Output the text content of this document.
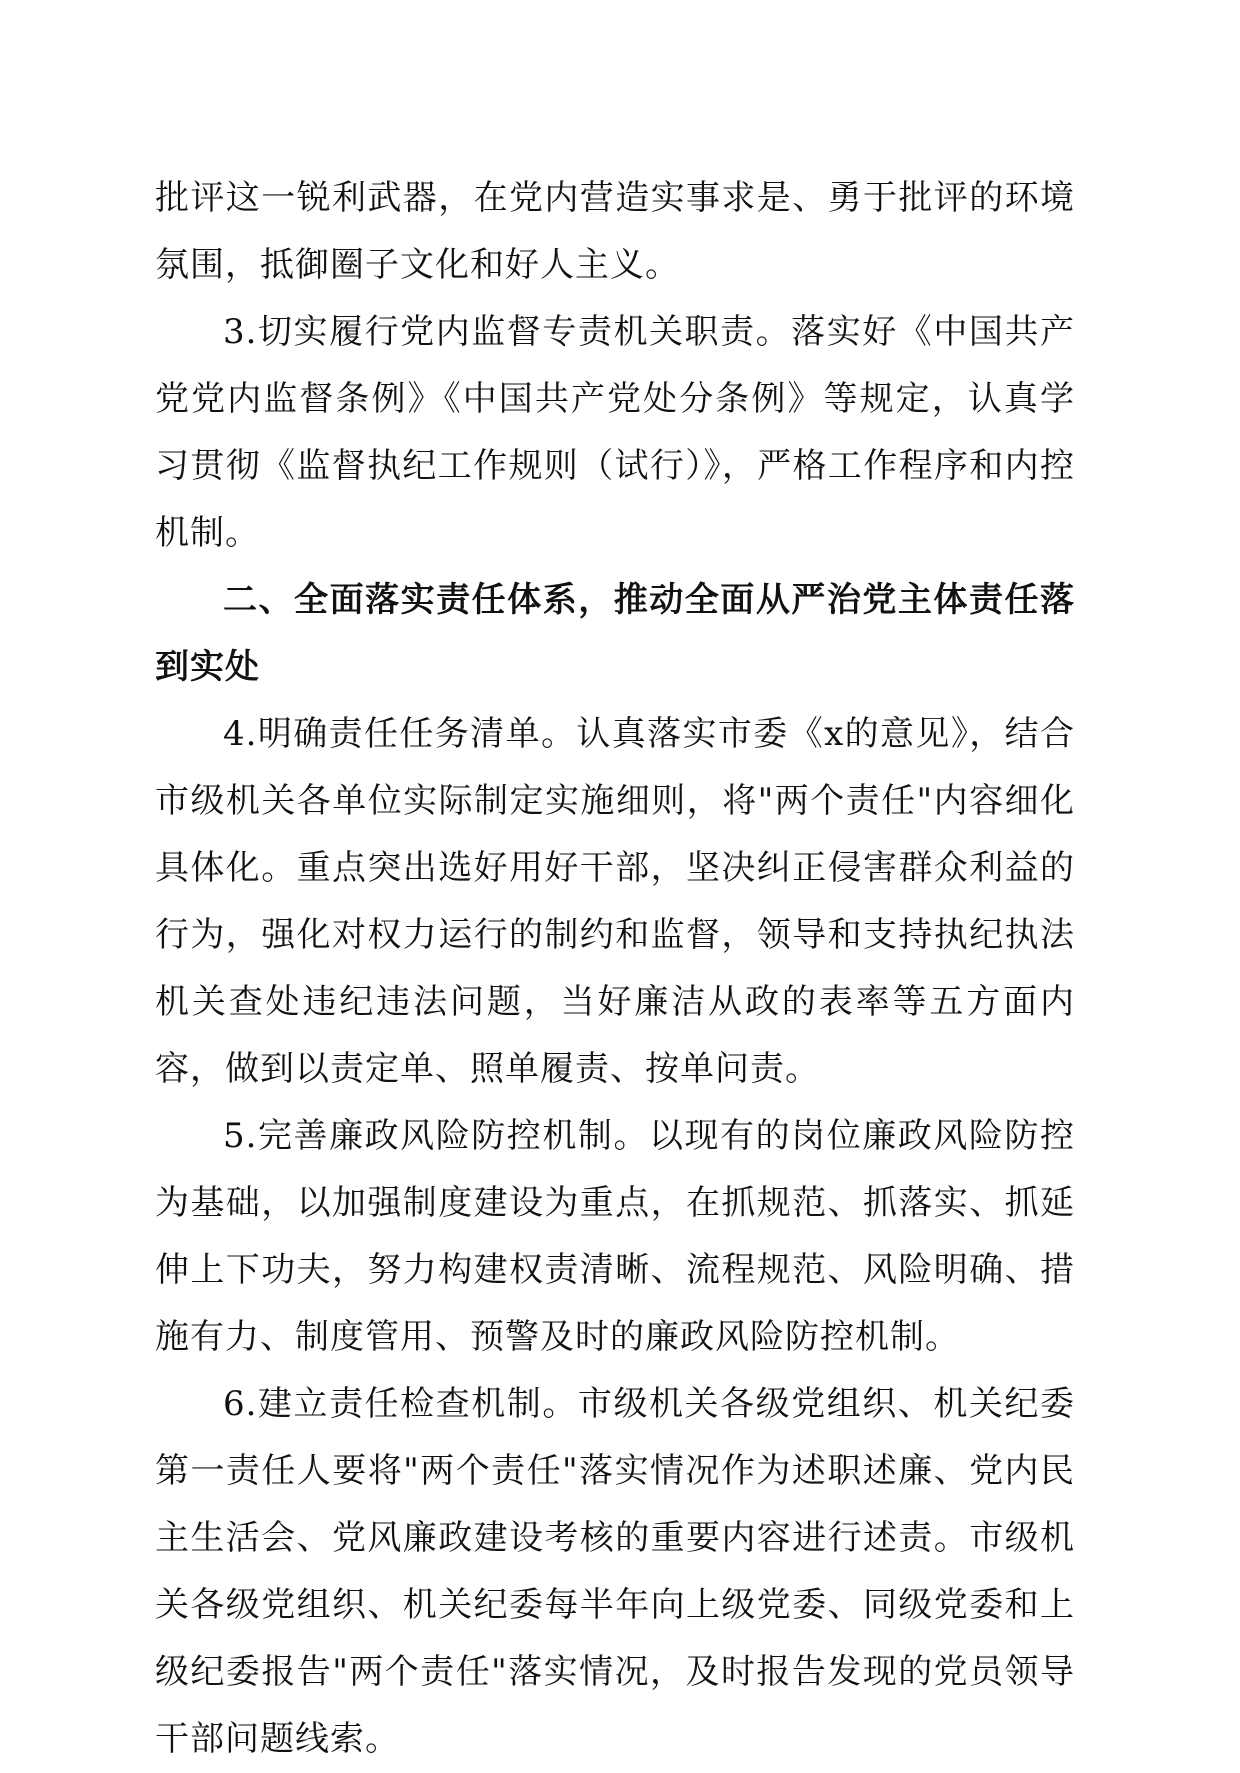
批评这一锐利武器，在党内营造实事求是、勇于批评的环境氛围，抵御圈子文化和好人主义。

3.切实履行党内监督专责机关职责。落实好《中国共产党党内监督条例》《中国共产党处分条例》等规定，认真学习贯彻《监督执纪工作规则（试行）》，严格工作程序和内控机制。

二、全面落实责任体系，推动全面从严治党主体责任落到实处

4.明确责任任务清单。认真落实市委《x的意见》，结合市级机关各单位实际制定实施细则，将"两个责任"内容细化具体化。重点突出选好用好干部，坚决纠正侵害群众利益的行为，强化对权力运行的制约和监督，领导和支持执纪执法机关查处违纪违法问题，当好廉洁从政的表率等五方面内容，做到以责定单、照单履责、按单问责。

5.完善廉政风险防控机制。以现有的岗位廉政风险防控为基础，以加强制度建设为重点，在抓规范、抓落实、抓延伸上下功夫，努力构建权责清晰、流程规范、风险明确、措施有力、制度管用、预警及时的廉政风险防控机制。

6.建立责任检查机制。市级机关各级党组织、机关纪委第一责任人要将"两个责任"落实情况作为述职述廉、党内民主生活会、党风廉政建设考核的重要内容进行述责。市级机关各级党组织、机关纪委每半年向上级党委、同级党委和上级纪委报告"两个责任"落实情况，及时报告发现的党员领导干部问题线索。
